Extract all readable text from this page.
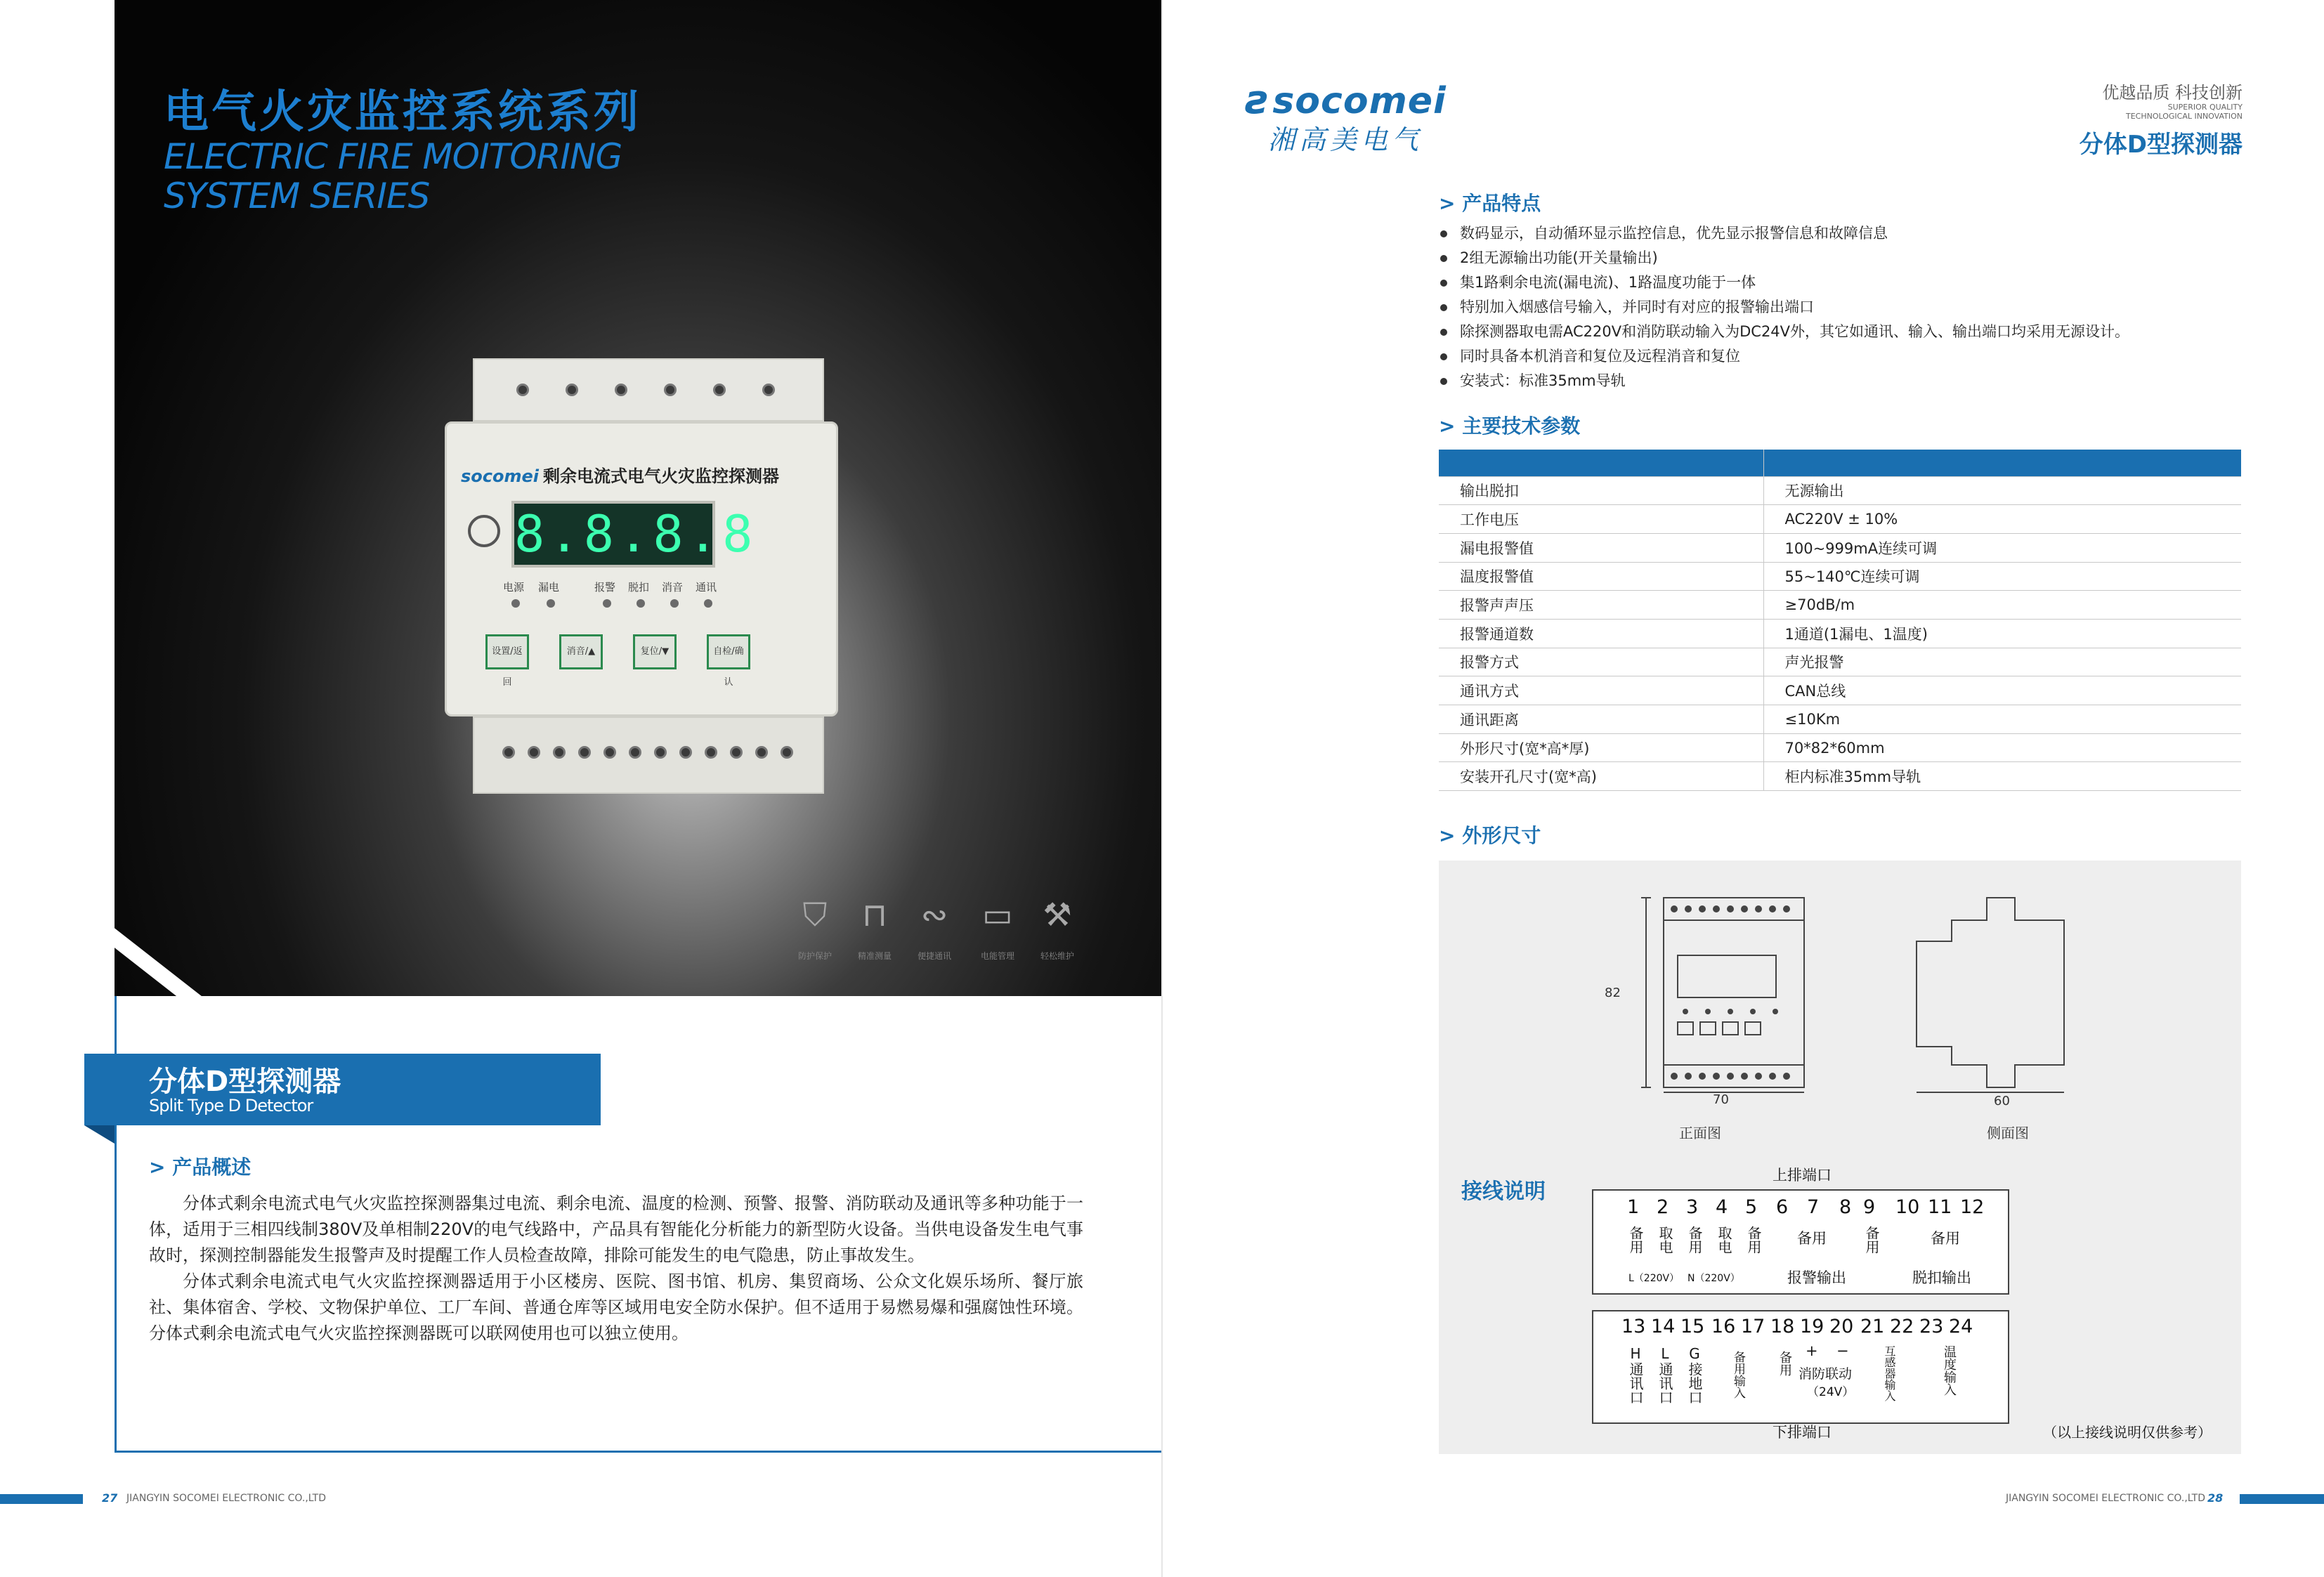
电气火灾监控系统系列
ELECTRIC FIRE MOITORING
SYSTEM SERIES
socomei 剩余电流式电气火灾监控探测器
8.8.8.8
电源 漏电	报警 脱扣 消音 通讯
设置/返回
消音/▲	复位/▼	自检/确认
⛉	⊓	∾ ▭ ⚒
防护保护	精准测量	便捷通讯	电能管理	轻松维护
分体D型探测器
Split Type D Detector
> 产品概述

分体式剩余电流式电气火灾监控探测器集过电流、剩余电流、温度的检测、预警、报警、消防联动及通讯等多种功能于一体，适用于三相四线制380V及单相制220V的电气线路中，产品具有智能化分析能力的新型防火设备。当供电设备发生电气事故时，探测控制器能发生报警声及时提醒工作人员检查故障，排除可能发生的电气隐患，防止事故发生。

分体式剩余电流式电气火灾监控探测器适用于小区楼房、医院、图书馆、机房、集贸商场、公众文化娱乐场所、餐厅旅社、集体宿舍、学校、文物保护单位、工厂车间、普通仓库等区域用电安全防水保护。但不适用于易燃易爆和强腐蚀性环境。分体式剩余电流式电气火灾监控探测器既可以联网使用也可以独立使用。

27 JIANGYIN SOCOMEI ELECTRONIC CO.,LTD
ƨsocomei
湘高美电气
优越品质 科技创新
SUPERIOR QUALITY
TECHNOLOGICAL INNOVATION
分体D型探测器
> 产品特点
数码显示，自动循环显示监控信息，优先显示报警信息和故障信息
2组无源输出功能(开关量输出)
集1路剩余电流(漏电流)、1路温度功能于一体
特别加入烟感信号输入，并同时有对应的报警输出端口
除探测器取电需AC220V和消防联动输入为DC24V外，其它如通讯、输入、输出端口均采用无源设计。
同时具备本机消音和复位及远程消音和复位
安装式：标准35mm导轨
> 主要技术参数

输出脱扣	无源输出
工作电压	AC220V ± 10%
漏电报警值	100~999mA连续可调
温度报警值	55~140℃连续可调
报警声声压	≥70dB/m
报警通道数	1通道(1漏电、1温度)
报警方式	声光报警
通讯方式	CAN总线
通讯距离	≤10Km
外形尺寸(宽*高*厚)	70*82*60mm
安装开孔尺寸(宽*高)	柜内标准35mm导轨
> 外形尺寸
82
70	60
正面图	侧面图
接线说明
上排端口
1 2 3 4 5 6 7 8 9 10 11 12
备用 取电 备用 取电 备用 备用	备用	备用
L（220V） N（220V）	报警输出	脱扣输出
13 14 15 16 17 18 19 20 21 22 23 24
H通讯口 L通讯口 G接地口 备用输入	备用 + −
消防联动
（24V）	互感器输入	温度输入
下排端口	（以上接线说明仅供参考）
JIANGYIN SOCOMEI ELECTRONIC CO.,LTD 28
